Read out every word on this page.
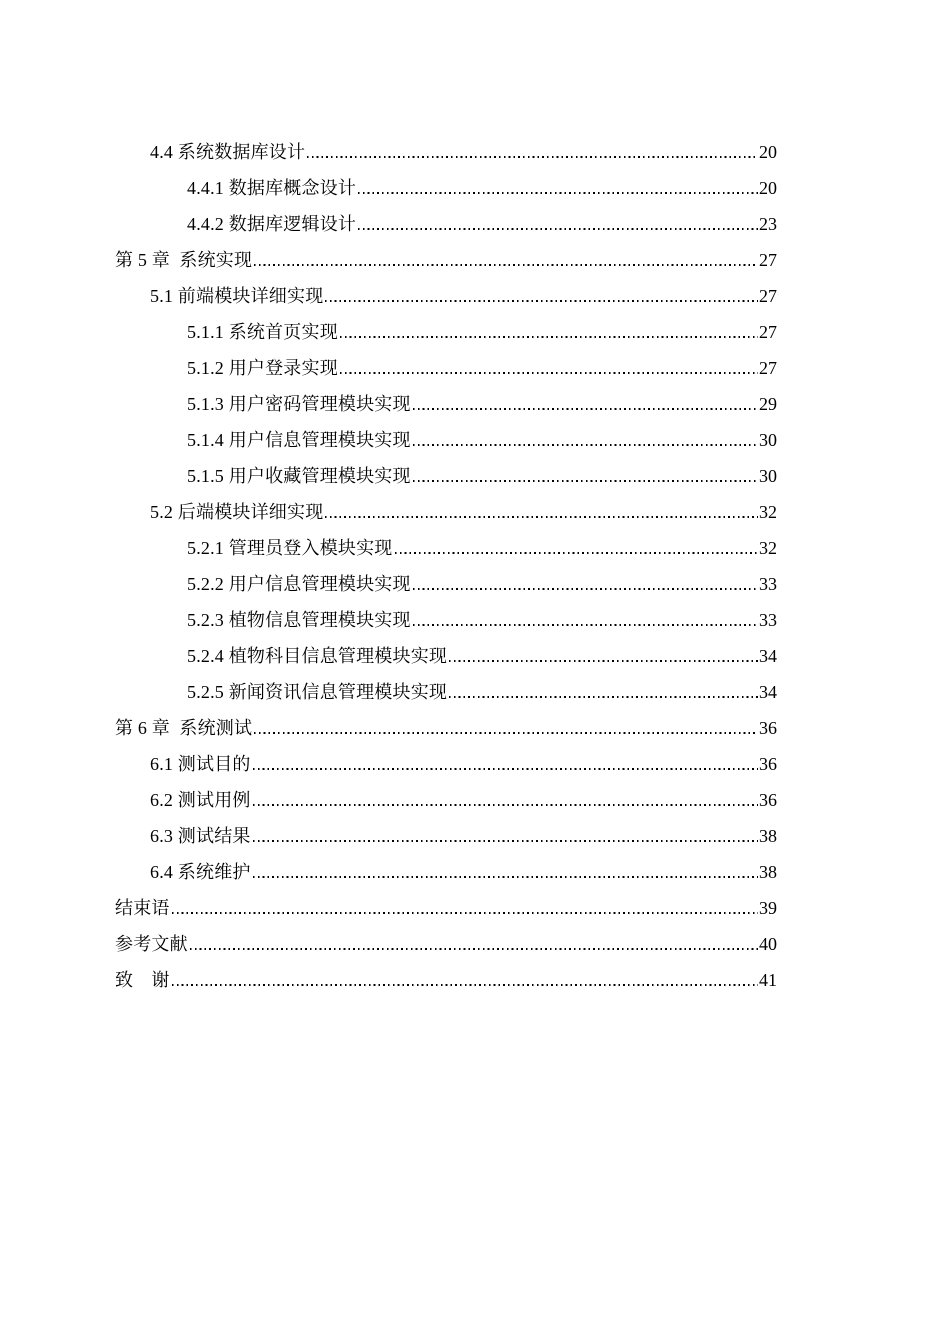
4.4 系统数据库设计	20
4.4.1 数据库概念设计	20
4.4.2 数据库逻辑设计	23
第 5 章  系统实现	27
5.1 前端模块详细实现	27
5.1.1 系统首页实现	27
5.1.2 用户登录实现	27
5.1.3 用户密码管理模块实现	29
5.1.4 用户信息管理模块实现	30
5.1.5 用户收藏管理模块实现	30
5.2 后端模块详细实现	32
5.2.1 管理员登入模块实现	32
5.2.2 用户信息管理模块实现	33
5.2.3 植物信息管理模块实现	33
5.2.4 植物科目信息管理模块实现	34
5.2.5 新闻资讯信息管理模块实现	34
第 6 章  系统测试	36
6.1 测试目的	36
6.2 测试用例	36
6.3 测试结果	38
6.4 系统维护	38
结束语	39
参考文献	40
致　谢	41
